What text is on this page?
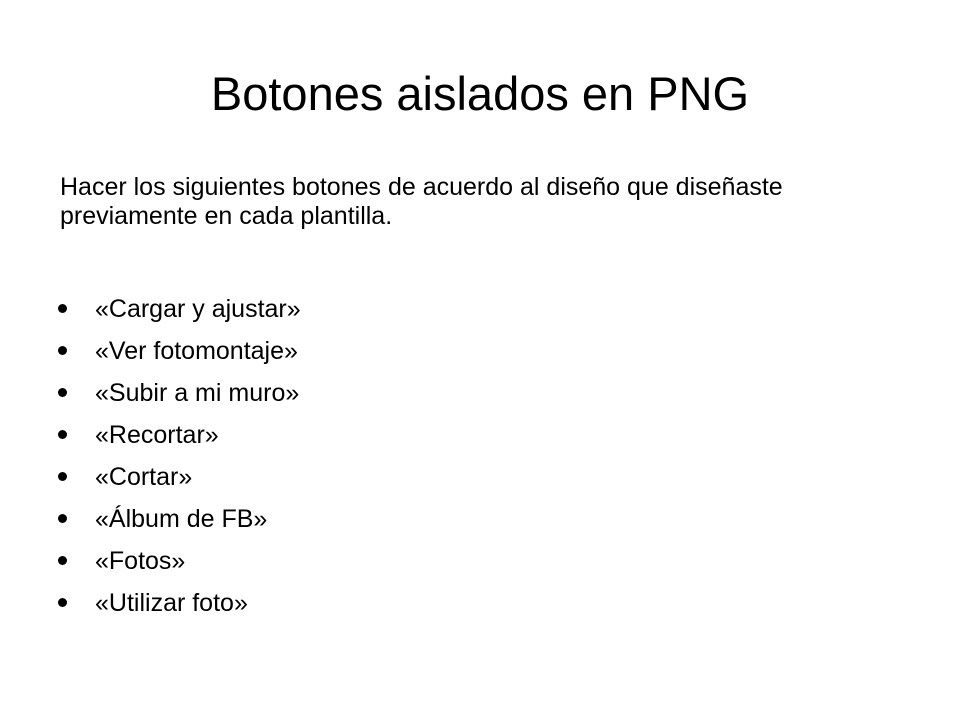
Botones aislados en PNG
Hacer los siguientes botones de acuerdo al diseño que diseñaste previamente en cada plantilla.
«Cargar y ajustar»
«Ver fotomontaje»
«Subir a mi muro»
«Recortar»
«Cortar»
«Álbum de FB»
«Fotos»
«Utilizar foto»
